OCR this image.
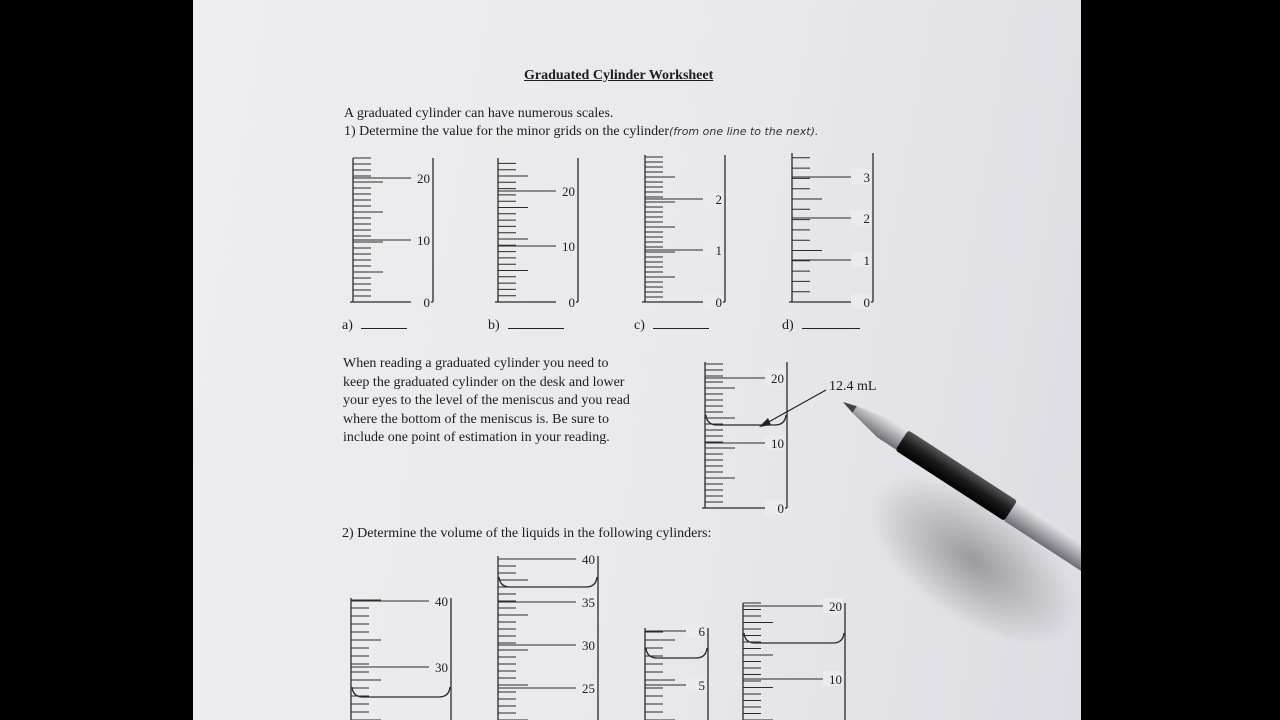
Graduated Cylinder Worksheet
A graduated cylinder can have numerous scales.
1) Determine the value for the minor grids on the cylinder(from one line to the next).
a)	b)	c)	d)
When reading a graduated cylinder you need to
keep the graduated cylinder on the desk and lower
your eyes to the level of the meniscus and you read
where the bottom of the meniscus is. Be sure to
include one point of estimation in your reading.
12.4 mL
2) Determine the volume of the liquids in the following cylinders:
20
10
0
20
10
0
2
1
0
3
2
1
0
20
10
0
40
30
40
35
30
25
6
5
20
10
